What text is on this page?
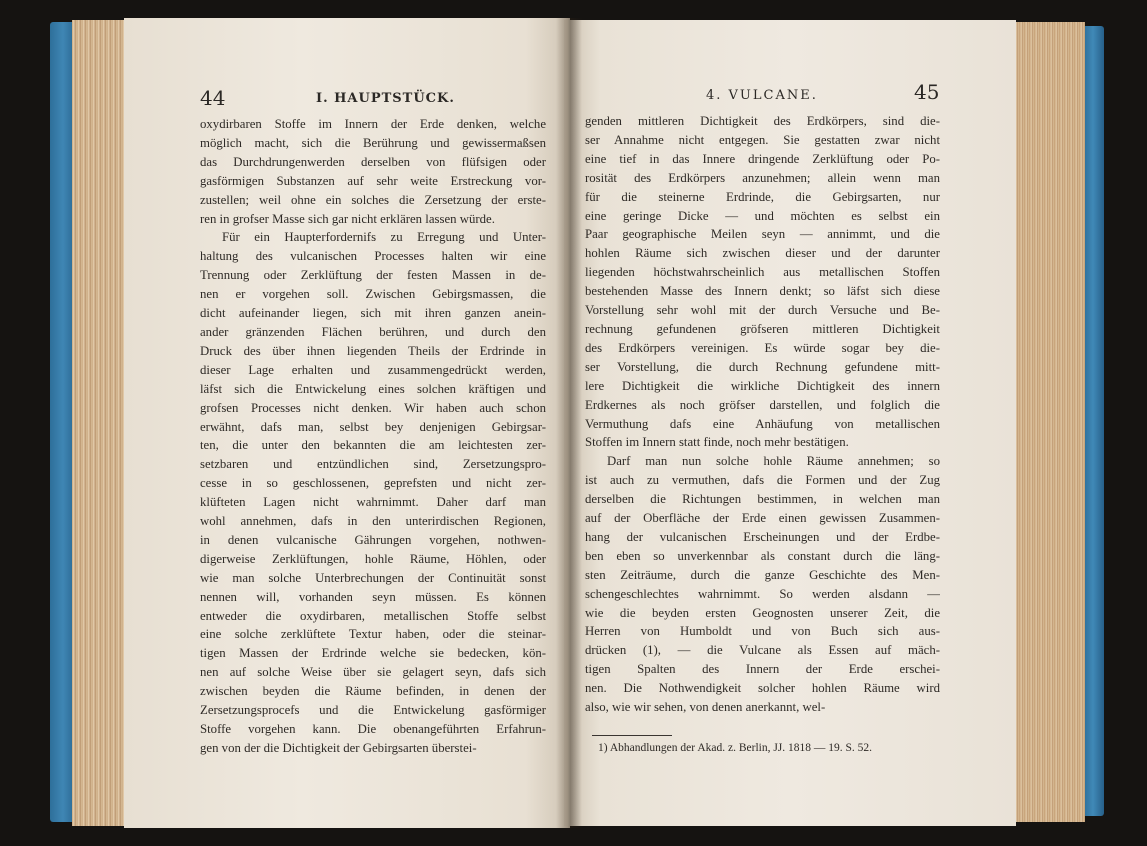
44	I. HAUPTSTÜCK.
oxydirbaren Stoffe im Innern der Erde denken, welche
möglich macht, sich die Berührung und gewissermaßsen
das Durchdrungenwerden derselben von flüfsigen oder
gasförmigen Substanzen auf sehr weite Erstreckung vor-
zustellen; weil ohne ein solches die Zersetzung der erste-
ren in grofser Masse sich gar nicht erklären lassen würde.
Für ein Haupterfordernifs zu Erregung und Unter-
haltung des vulcanischen Processes halten wir eine
Trennung oder Zerklüftung der festen Massen in de-
nen er vorgehen soll. Zwischen Gebirgsmassen, die
dicht aufeinander liegen, sich mit ihren ganzen anein-
ander gränzenden Flächen berühren, und durch den
Druck des über ihnen liegenden Theils der Erdrinde in
dieser Lage erhalten und zusammengedrückt werden,
läfst sich die Entwickelung eines solchen kräftigen und
grofsen Processes nicht denken. Wir haben auch schon
erwähnt, dafs man, selbst bey denjenigen Gebirgsar-
ten, die unter den bekannten die am leichtesten zer-
setzbaren und entzündlichen sind, Zersetzungspro-
cesse in so geschlossenen, geprefsten und nicht zer-
klüfteten Lagen nicht wahrnimmt. Daher darf man
wohl annehmen, dafs in den unterirdischen Regionen,
in denen vulcanische Gährungen vorgehen, nothwen-
digerweise Zerklüftungen, hohle Räume, Höhlen, oder
wie man solche Unterbrechungen der Continuität sonst
nennen will, vorhanden seyn müssen. Es können
entweder die oxydirbaren, metallischen Stoffe selbst
eine solche zerklüftete Textur haben, oder die steinar-
tigen Massen der Erdrinde welche sie bedecken, kön-
nen auf solche Weise über sie gelagert seyn, dafs sich
zwischen beyden die Räume befinden, in denen der
Zersetzungsprocefs und die Entwickelung gasförmiger
Stoffe vorgehen kann. Die obenangeführten Erfahrun-
gen von der die Dichtigkeit der Gebirgsarten überstei-
4. VULCANE.	45
genden mittleren Dichtigkeit des Erdkörpers, sind die-
ser Annahme nicht entgegen. Sie gestatten zwar nicht
eine tief in das Innere dringende Zerklüftung oder Po-
rosität des Erdkörpers anzunehmen; allein wenn man
für die steinerne Erdrinde, die Gebirgsarten, nur
eine geringe Dicke — und möchten es selbst ein
Paar geographische Meilen seyn — annimmt, und die
hohlen Räume sich zwischen dieser und der darunter
liegenden höchstwahrscheinlich aus metallischen Stoffen
bestehenden Masse des Innern denkt; so läfst sich diese
Vorstellung sehr wohl mit der durch Versuche und Be-
rechnung gefundenen gröfseren mittleren Dichtigkeit
des Erdkörpers vereinigen. Es würde sogar bey die-
ser Vorstellung, die durch Rechnung gefundene mitt-
lere Dichtigkeit die wirkliche Dichtigkeit des innern
Erdkernes als noch gröfser darstellen, und folglich die
Vermuthung dafs eine Anhäufung von metallischen
Stoffen im Innern statt finde, noch mehr bestätigen.
Darf man nun solche hohle Räume annehmen; so
ist auch zu vermuthen, dafs die Formen und der Zug
derselben die Richtungen bestimmen, in welchen man
auf der Oberfläche der Erde einen gewissen Zusammen-
hang der vulcanischen Erscheinungen und der Erdbe-
ben eben so unverkennbar als constant durch die läng-
sten Zeiträume, durch die ganze Geschichte des Men-
schengeschlechtes wahrnimmt. So werden alsdann —
wie die beyden ersten Geognosten unserer Zeit, die
Herren von Humboldt und von Buch sich aus-
drücken (1), — die Vulcane als Essen auf mäch-
tigen Spalten des Innern der Erde erschei-
nen. Die Nothwendigkeit solcher hohlen Räume wird
also, wie wir sehen, von denen anerkannt, wel-
1) Abhandlungen der Akad. z. Berlin, JJ. 1818 — 19. S. 52.
